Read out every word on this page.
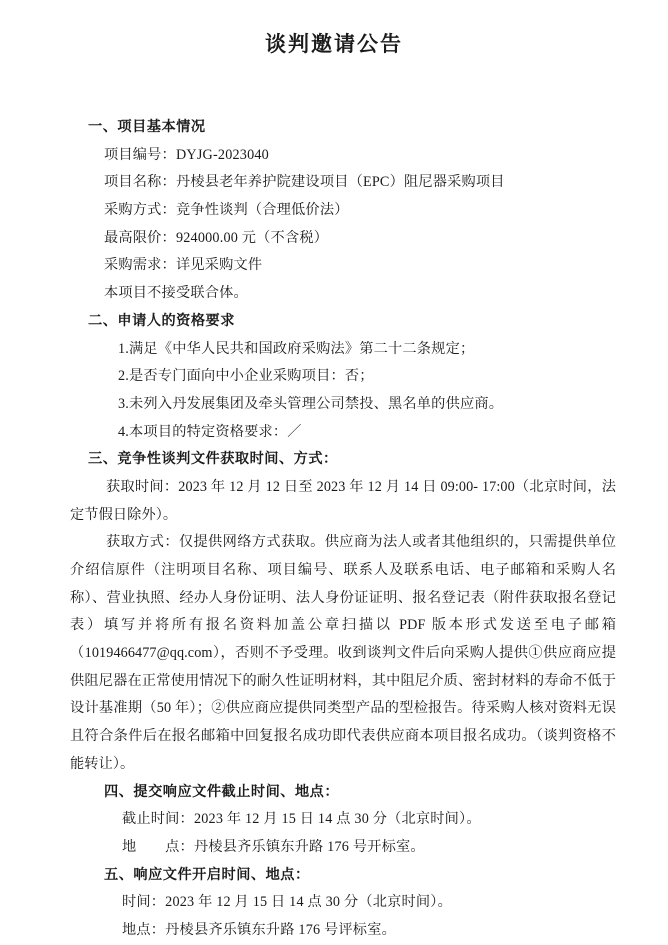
谈判邀请公告
一、项目基本情况
项目编号：DYJG-2023040
项目名称：丹棱县老年养护院建设项目（EPC）阻尼器采购项目
采购方式：竞争性谈判（合理低价法）
最高限价：924000.00 元（不含税）
采购需求：详见采购文件
本项目不接受联合体。
二、申请人的资格要求
1.满足《中华人民共和国政府采购法》第二十二条规定；
2.是否专门面向中小企业采购项目：否；
3.未列入丹发展集团及牵头管理公司禁投、黑名单的供应商。
4.本项目的特定资格要求：／
三、竞争性谈判文件获取时间、方式：
获取时间：2023 年 12 月 12 日至 2023 年 12 月 14 日 09:00- 17:00（北京时间，法定节假日除外）。
获取方式：仅提供网络方式获取。供应商为法人或者其他组织的，只需提供单位介绍信原件（注明项目名称、项目编号、联系人及联系电话、电子邮箱和采购人名称）、营业执照、经办人身份证明、法人身份证证明、报名登记表（附件获取报名登记表）填写并将所有报名资料加盖公章扫描以 PDF 版本形式发送至电子邮箱（1019466477@qq.com），否则不予受理。收到谈判文件后向采购人提供①供应商应提供阻尼器在正常使用情况下的耐久性证明材料，其中阻尼介质、密封材料的寿命不低于设计基准期（50 年）；②供应商应提供同类型产品的型检报告。待采购人核对资料无误且符合条件后在报名邮箱中回复报名成功即代表供应商本项目报名成功。（谈判资格不能转让）。
四、提交响应文件截止时间、地点：
截止时间：2023 年 12 月 15 日 14 点 30 分（北京时间）。
地　　点：丹棱县齐乐镇东升路 176 号开标室。
五、响应文件开启时间、地点：
时间：2023 年 12 月 15 日 14 点 30 分（北京时间）。
地点：丹棱县齐乐镇东升路 176 号评标室。
